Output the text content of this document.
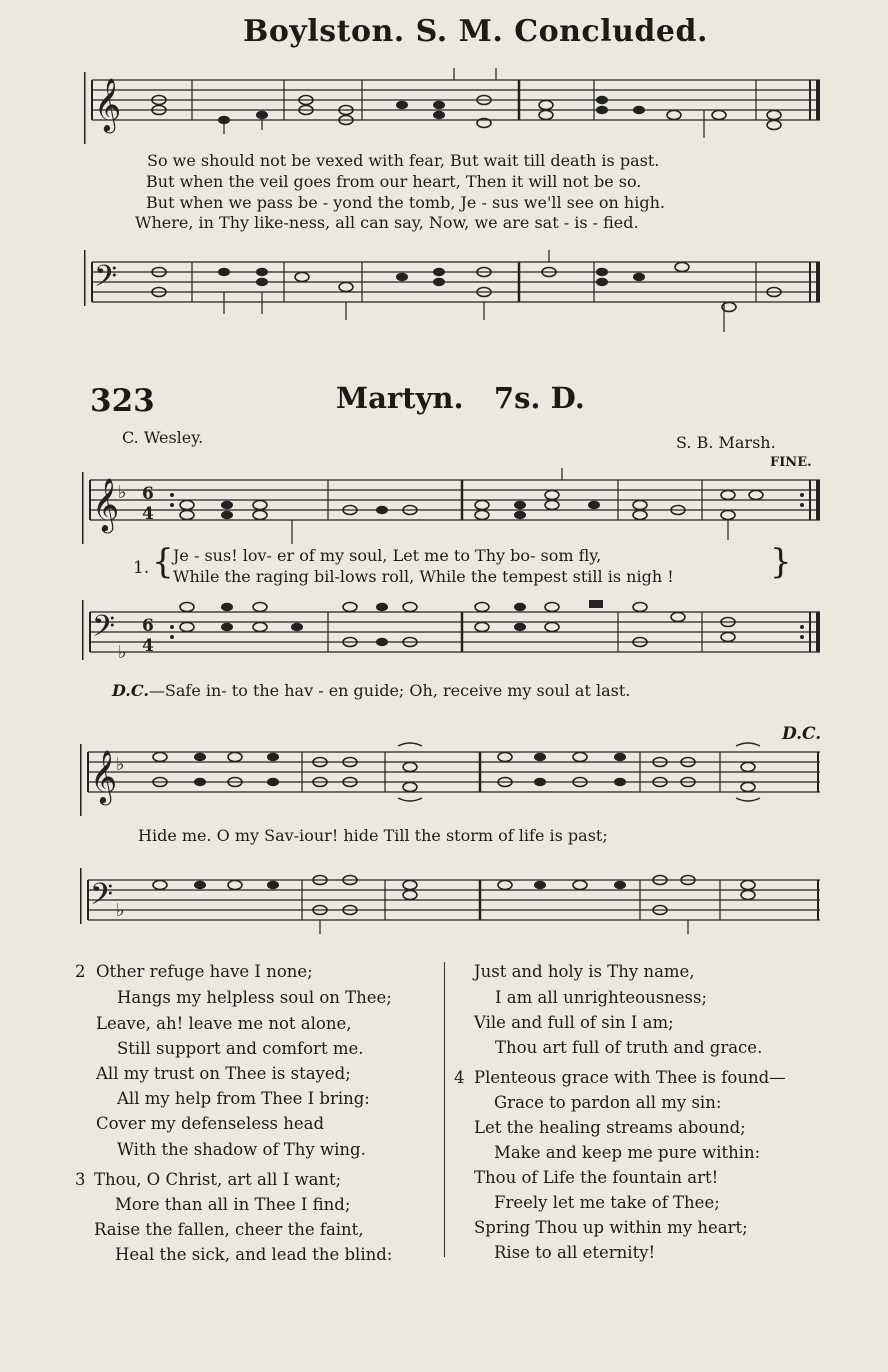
Boylston. S. M. Concluded.
𝄞
So we should not be vexed with fear, But wait till death is past.
But when the veil goes from our heart, Then it will not be so.
But when we pass be - yond the tomb, Je - sus we'll see on high.
Where, in Thy like-ness, all can say, Now, we are sat - is - fied.
𝄢
323	Martyn.   7s. D.
C. Wesley.	S. B. Marsh.
FINE.
𝄞
♭ 6
4
1. { Je - sus! lov- er of my soul, Let me to Thy bo- som fly,
While the raging bil-lows roll, While the tempest still is nigh !	}
𝄢
♭
6
4
D.C.—Safe in- to the hav - en guide; Oh, receive my soul at last.
D.C.
𝄞
♭
Hide me. O my Sav-iour! hide Till the storm of life is past;
𝄢 ♭
2 Other refuge have I none;
Hangs my helpless soul on Thee;
Leave, ah! leave me not alone,
Still support and comfort me.
All my trust on Thee is stayed;
All my help from Thee I bring:
Cover my defenseless head
With the shadow of Thy wing.
3 Thou, O Christ, art all I want;
More than all in Thee I find;
Raise the fallen, cheer the faint,
Heal the sick, and lead the blind:
Just and holy is Thy name,
I am all unrighteousness;
Vile and full of sin I am;
Thou art full of truth and grace.
4 Plenteous grace with Thee is found—
Grace to pardon all my sin:
Let the healing streams abound;
Make and keep me pure within:
Thou of Life the fountain art!
Freely let me take of Thee;
Spring Thou up within my heart;
Rise to all eternity!
